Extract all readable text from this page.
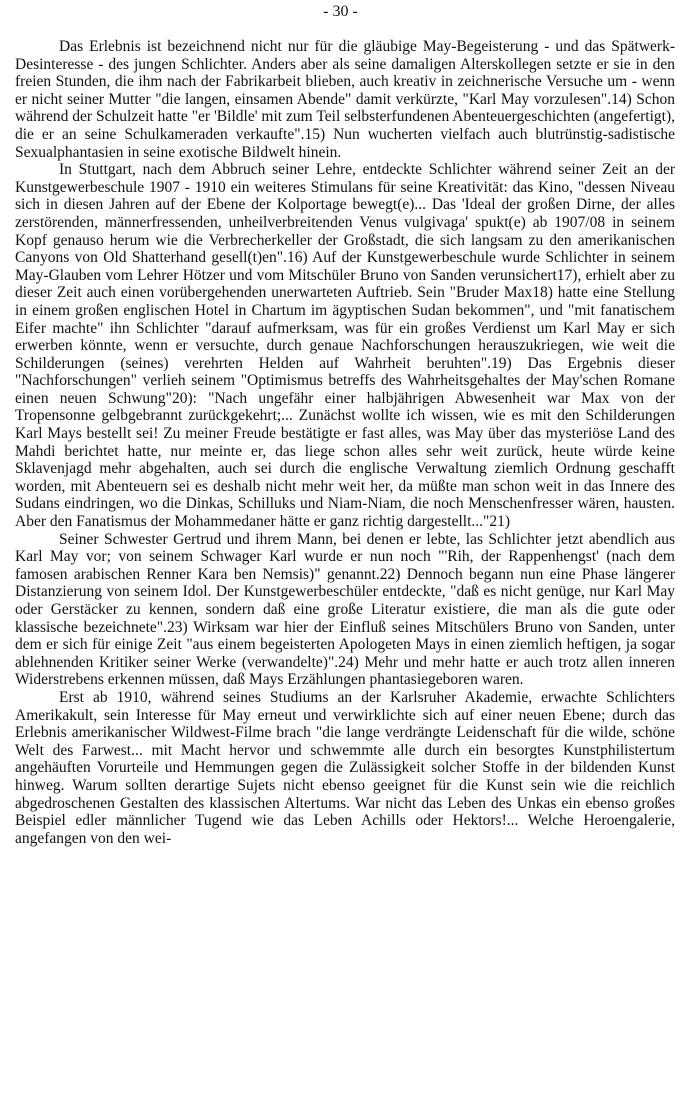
- 30 -

Das Erlebnis ist bezeichnend nicht nur für die gläubige May-Begeisterung - und das Spätwerk-Desinteresse - des jungen Schlichter. Anders aber als seine damaligen Alterskollegen setzte er sie in den freien Stunden, die ihm nach der Fabrikarbeit blieben, auch kreativ in zeichnerische Versuche um - wenn er nicht seiner Mutter "die langen, einsamen Abende" damit verkürzte, "Karl May vorzulesen".14) Schon während der Schulzeit hatte "er 'Bildle' mit zum Teil selbsterfundenen Abenteuergeschichten (angefertigt), die er an seine Schulkameraden verkaufte".15) Nun wucherten vielfach auch blutrünstig-sadistische Sexualphantasien in seine exotische Bildwelt hinein.

In Stuttgart, nach dem Abbruch seiner Lehre, entdeckte Schlichter während seiner Zeit an der Kunstgewerbeschule 1907 - 1910 ein weiteres Stimulans für seine Kreativität: das Kino, "dessen Niveau sich in diesen Jahren auf der Ebene der Kolportage bewegt(e)... Das 'Ideal der großen Dirne, der alles zerstörenden, männerfressenden, unheilverbreitenden Venus vulgivaga' spukt(e) ab 1907/08 in seinem Kopf genauso herum wie die Verbrecherkeller der Großstadt, die sich langsam zu den amerikanischen Canyons von Old Shatterhand gesell(t)en".16) Auf der Kunstgewerbeschule wurde Schlichter in seinem May-Glauben vom Lehrer Hötzer und vom Mitschüler Bruno von Sanden verunsichert17), erhielt aber zu dieser Zeit auch einen vorübergehenden unerwarteten Auftrieb. Sein "Bruder Max18) hatte eine Stellung in einem großen englischen Hotel in Chartum im ägyptischen Sudan bekommen", und "mit fanatischem Eifer machte" ihn Schlichter "darauf aufmerksam, was für ein großes Verdienst um Karl May er sich erwerben könnte, wenn er versuchte, durch genaue Nachforschungen herauszukriegen, wie weit die Schilderungen (seines) verehrten Helden auf Wahrheit beruhten".19) Das Ergebnis dieser "Nachforschungen" verlieh seinem "Optimismus betreffs des Wahrheitsgehaltes der May'schen Romane einen neuen Schwung"20): "Nach ungefähr einer halbjährigen Abwesenheit war Max von der Tropensonne gelbgebrannt zurückgekehrt;... Zunächst wollte ich wissen, wie es mit den Schilderungen Karl Mays bestellt sei! Zu meiner Freude bestätigte er fast alles, was May über das mysteriöse Land des Mahdi berichtet hatte, nur meinte er, das liege schon alles sehr weit zurück, heute würde keine Sklavenjagd mehr abgehalten, auch sei durch die englische Verwaltung ziemlich Ordnung geschafft worden, mit Abenteuern sei es deshalb nicht mehr weit her, da müßte man schon weit in das Innere des Sudans eindringen, wo die Dinkas, Schilluks und Niam-Niam, die noch Menschenfresser wären, hausten. Aber den Fanatismus der Mohammedaner hätte er ganz richtig dargestellt..."21)

Seiner Schwester Gertrud und ihrem Mann, bei denen er lebte, las Schlichter jetzt abendlich aus Karl May vor; von seinem Schwager Karl wurde er nun noch "'Rih, der Rappenhengst' (nach dem famosen arabischen Renner Kara ben Nemsis)" genannt.22) Dennoch begann nun eine Phase längerer Distanzierung von seinem Idol. Der Kunstgewerbeschüler entdeckte, "daß es nicht genüge, nur Karl May oder Gerstäcker zu kennen, sondern daß eine große Literatur existiere, die man als die gute oder klassische bezeichnete".23) Wirksam war hier der Einfluß seines Mitschülers Bruno von Sanden, unter dem er sich für einige Zeit "aus einem begeisterten Apologeten Mays in einen ziemlich heftigen, ja sogar ablehnenden Kritiker seiner Werke (verwandelte)".24) Mehr und mehr hatte er auch trotz allen inneren Widerstrebens erkennen müssen, daß Mays Erzählungen phantasiegeboren waren.

Erst ab 1910, während seines Studiums an der Karlsruher Akademie, erwachte Schlichters Amerikakult, sein Interesse für May erneut und verwirklichte sich auf einer neuen Ebene; durch das Erlebnis amerikanischer Wildwest-Filme brach "die lange verdrängte Leidenschaft für die wilde, schöne Welt des Farwest... mit Macht hervor und schwemmte alle durch ein besorgtes Kunstphilistertum angehäuften Vorurteile und Hemmungen gegen die Zulässigkeit solcher Stoffe in der bildenden Kunst hinweg. Warum sollten derartige Sujets nicht ebenso geeignet für die Kunst sein wie die reichlich abgedroschenen Gestalten des klassischen Altertums. War nicht das Leben des Unkas ein ebenso großes Beispiel edler männlicher Tugend wie das Leben Achills oder Hektors!... Welche Heroengalerie, angefangen von den wei-
